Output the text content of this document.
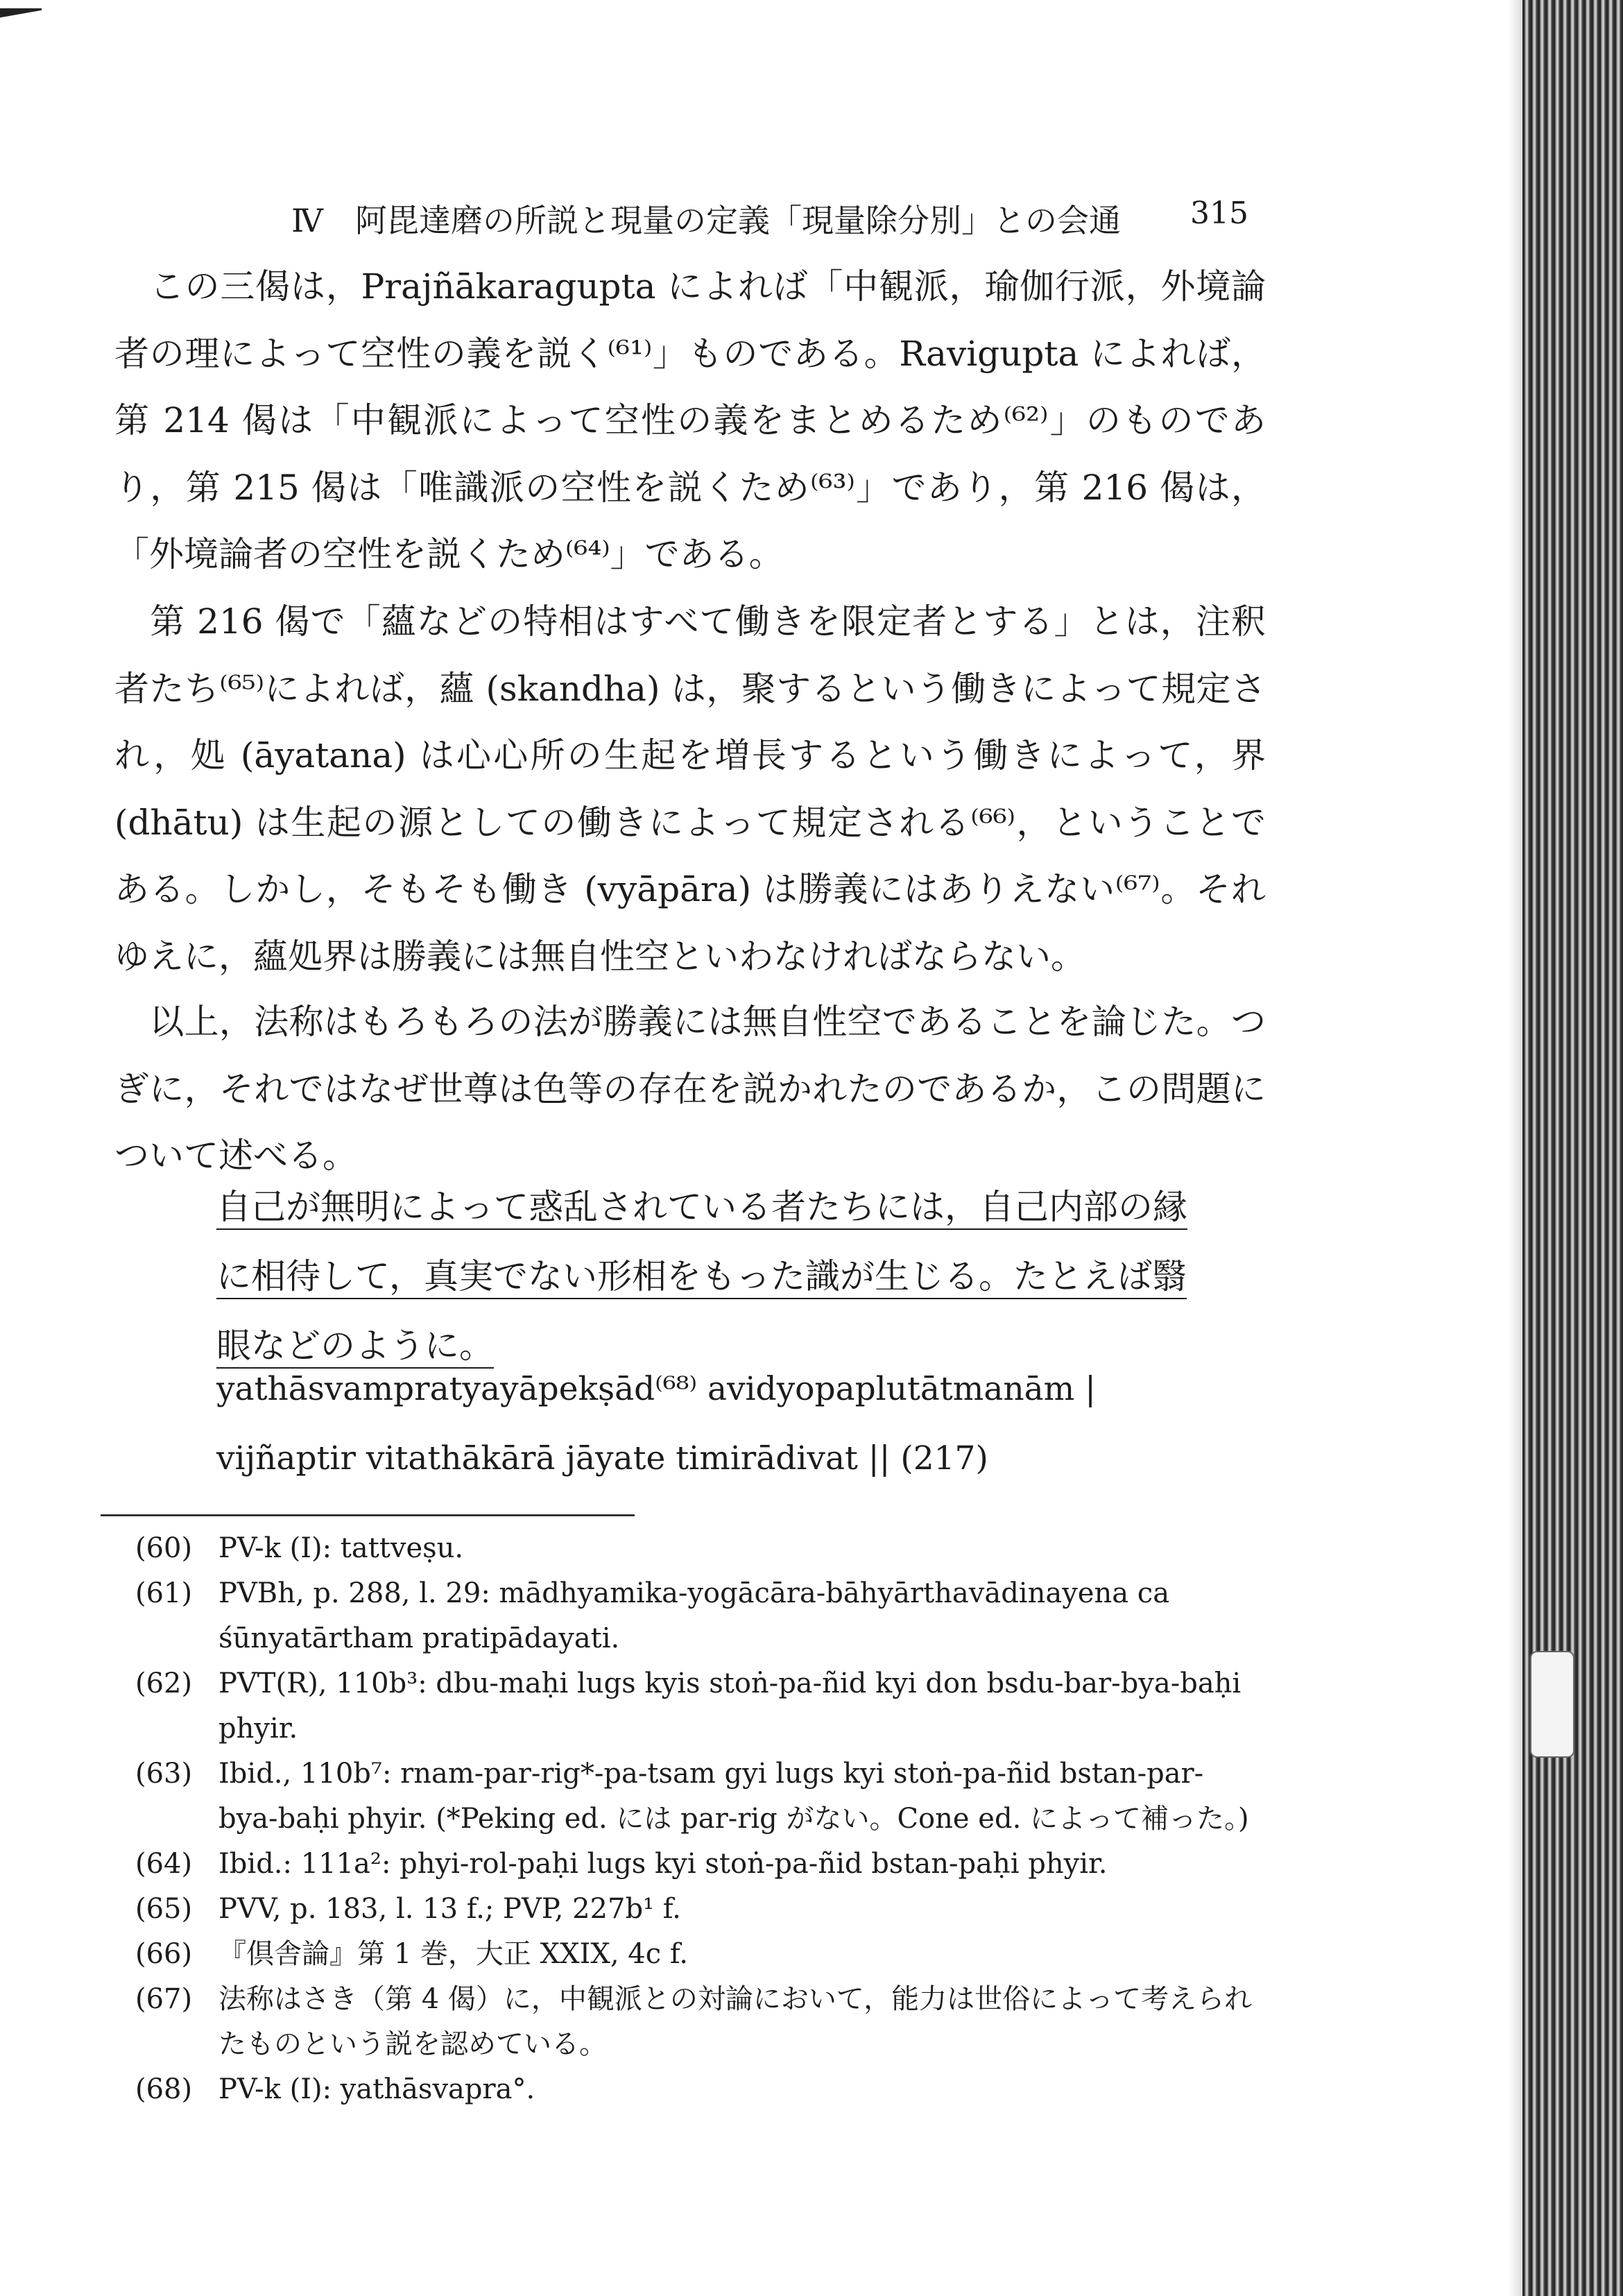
Ⅳ　阿毘達磨の所説と現量の定義「現量除分別」との会通 315

この三偈は，Prajñākaragupta によれば「中観派，瑜伽行派，外境論者の理によって空性の義を説く⁽⁶¹⁾」ものである。Ravigupta によれば，第 214 偈は「中観派によって空性の義をまとめるため⁽⁶²⁾」のものであり，第 215 偈は「唯識派の空性を説くため⁽⁶³⁾」であり，第 216 偈は，「外境論者の空性を説くため⁽⁶⁴⁾」である。

第 216 偈で「蘊などの特相はすべて働きを限定者とする」とは，注釈者たち⁽⁶⁵⁾によれば，蘊 (skandha) は，聚するという働きによって規定され，処 (āyatana) は心心所の生起を増長するという働きによって，界 (dhātu) は生起の源としての働きによって規定される⁽⁶⁶⁾，ということである。しかし，そもそも働き (vyāpāra) は勝義にはありえない⁽⁶⁷⁾。それゆえに，蘊処界は勝義には無自性空といわなければならない。

以上，法称はもろもろの法が勝義には無自性空であることを論じた。つぎに，それではなぜ世尊は色等の存在を説かれたのであるか，この問題について述べる。

自己が無明によって惑乱されている者たちには，自己内部の縁に相待して，真実でない形相をもった識が生じる。たとえば翳眼などのように。

yathāsvampratyayāpekṣād⁽⁶⁸⁾ avidyopaplutātmanām |
vijñaptir vitathākārā jāyate timirādivat || (217)
(60) PV-k (I): tattveṣu.
(61) PVBh, p. 288, l. 29: mādhyamika-yogācāra-bāhyārthavādinayena ca śūnyatārtham pratipādayati.
(62) PVT(R), 110b³: dbu-maḥi lugs kyis stoṅ-pa-ñid kyi don bsdu-bar-bya-baḥi phyir.
(63) Ibid., 110b⁷: rnam-par-rig*-pa-tsam gyi lugs kyi stoṅ-pa-ñid bstan-par-bya-baḥi phyir. (*Peking ed. には par-rig がない。Cone ed. によって補った。)
(64) Ibid.: 111a²: phyi-rol-paḥi lugs kyi stoṅ-pa-ñid bstan-paḥi phyir.
(65) PVV, p. 183, l. 13 f.; PVP, 227b¹ f.
(66) 『倶舎論』第 1 巻，大正 XXIX, 4c f.
(67) 法称はさき（第 4 偈）に，中観派との対論において，能力は世俗によって考えられたものという説を認めている。
(68) PV-k (I): yathāsvapra°.
